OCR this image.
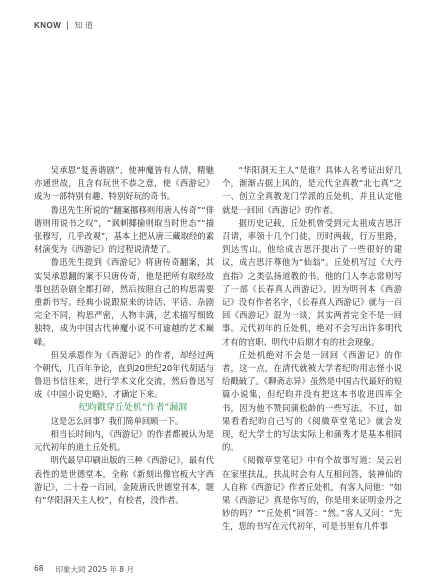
KNOW 知 道

吴承恩“复善谐剧”，使神魔皆有人情，精魅亦通世故，且含有玩世不恭之意，使《西游记》成为一部特别有趣、特别好玩的奇书。

鲁迅先生所说的“翻案挪移则用唐人传奇”“俳谐则用说书之叹”，“讽刺揶揄则取当时世态”“描张穆写，几乎改观”，基本上把从唐三藏取经的素材演变为《西游记》的过程说清楚了。

鲁迅先生提到《西游记》将唐传奇翻案，其实吴承恩翻的案不只唐传奇，他是把所有取经故事包括杂剧全都打碎，然后按照自己的构思需要重新书写。经典小说跟原来的诗话、平话、杂剧完全不同，构思严密，人物丰满，艺术描写细致独特，成为中国古代神魔小说不可逾越的艺术巅峰。

但吴承恩作为《西游记》的作者，却经过两个朝代，几百年争论，直到20世纪20年代胡适与鲁迅书信往来，进行学术文化交流，然后鲁迅写成《中国小说史略》，才确定下来。

纪昀戳穿丘处机“作者”漏洞

这是怎么回事？我们简单回顾一下。

相当长时间内，《西游记》的作者都被认为是元代初年的道士丘处机。

明代最早印刷出版的三种《西游记》，最有代表性的是世德堂本，全称《新刻出像官板大字西游记》，二十卷一百回，金陵唐氏世德堂刊本，题有“华阳洞天主人校”，有校者，没作者。

“华阳洞天主人”是谁？具体人名考证出好几个，渐渐占据上风的，是元代全真教“北七真”之一、创立全真教龙门学派的丘处机，并且认定他就是一回回《西游记》的作者。

据历史记载，丘处机曾受到元太祖成吉思汗召请，率领十几个门徒，历时两载，行万里路，到达雪山。他给成吉思汗提出了一些很好的建议，成吉思汗尊他为“仙翁”。丘处机写过《大丹直指》之类弘扬道教的书。他的门人李志常则写了一部《长春真人西游记》。因为明刊本《西游记》没有作者名字，《长春真人西游记》就与一百回《西游记》混为一谈，其实两者完全不是一回事。元代初年的丘处机，绝对不会写出许多明代才有的官职、明代中后期才有的社会现象。

丘处机绝对不会是一回回《西游记》的作者，这一点，在清代就被大学者纪昀用志怪小说给戳破了。《聊斋志异》虽然是中国古代最好的短篇小说集，但纪昀并没有把这本书收进四库全书，因为他不赞同蒲松龄的一些写法。不过，如果看看纪昀自己写的《阅微草堂笔记》就会发现，纪大学士的写法实际上和蒲秀才是基本相同的。

《阅微草堂笔记》中有个故事写道：吴云岩在家里扶乩，扶乩时会有人互相问答，装神仙的人自称《西游记》作者丘处机，有客人问他：“如果《西游记》真是你写的，你是用来证明金丹之妙的吗？”“丘处机”回答：“然。”客人又问：“先生，您的书写在元代初年，可是书里有几件事

68 印象大同 2025 年 8 月
